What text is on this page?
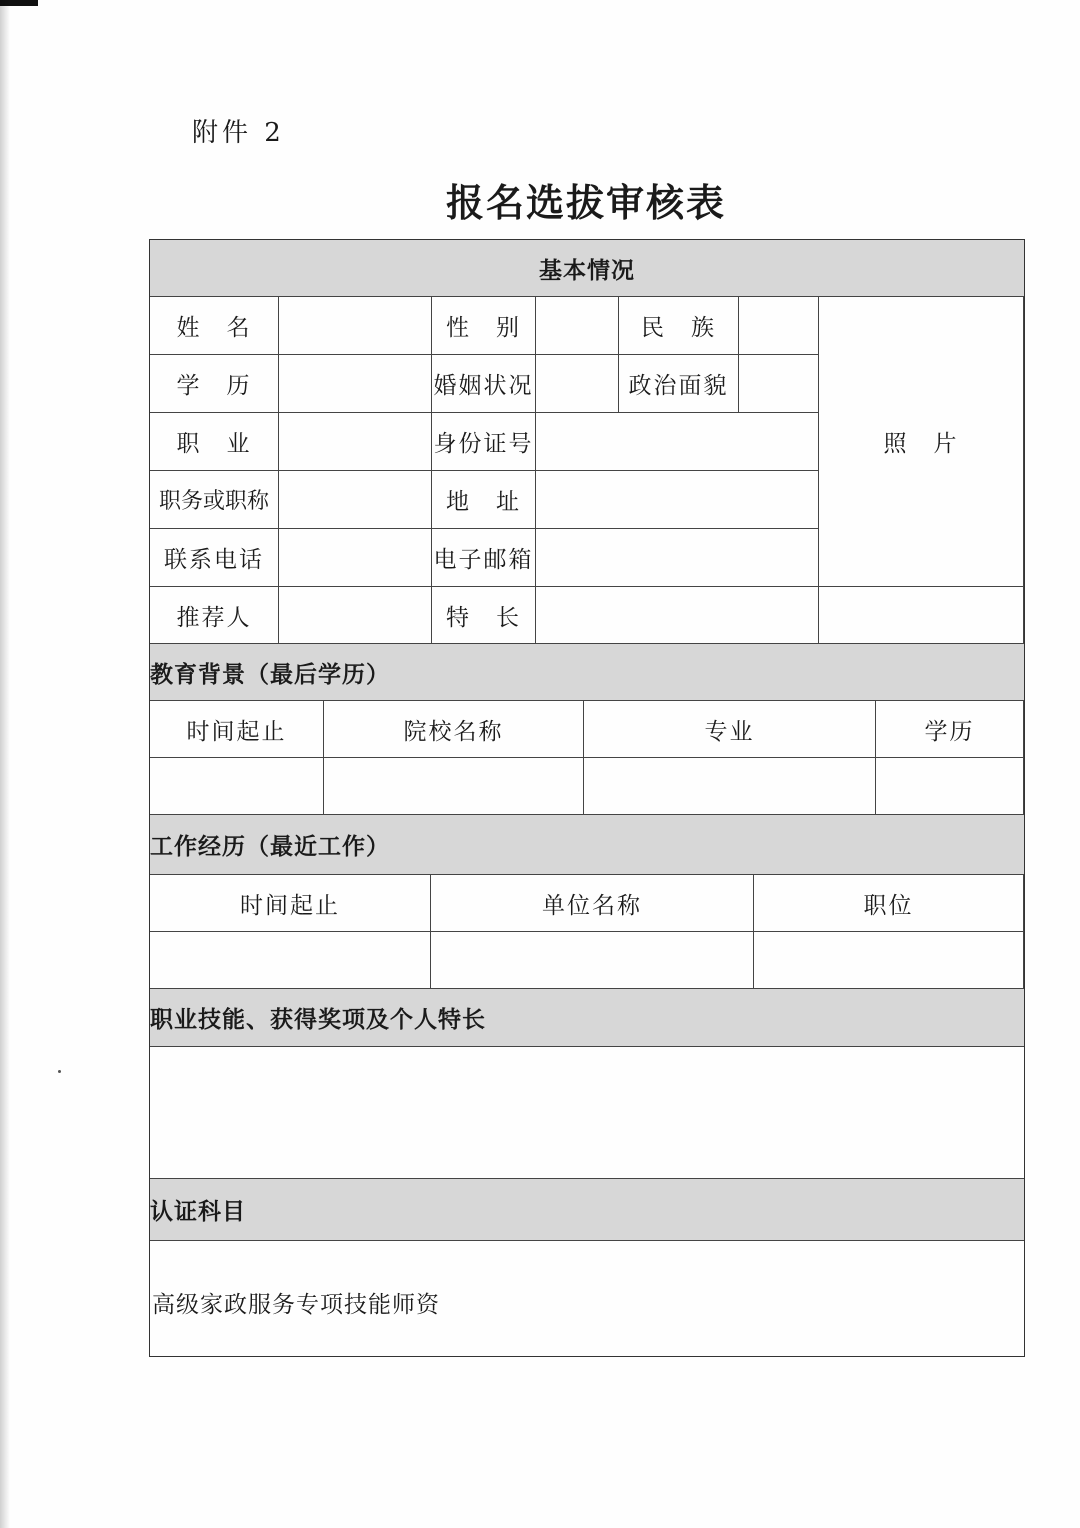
附件 2
报名选拔审核表
基本情况
姓　名	性　别	民　族
学　历	婚姻状况	政治面貌
职　业	身份证号
职务或职称	地　址
联系电话	电子邮箱
照　片
推荐人	特　长
教育背景（最后学历）
时间起止	院校名称	专业	学历
工作经历（最近工作）
时间起止	单位名称	职位
职业技能、获得奖项及个人特长
认证科目
高级家政服务专项技能师资
